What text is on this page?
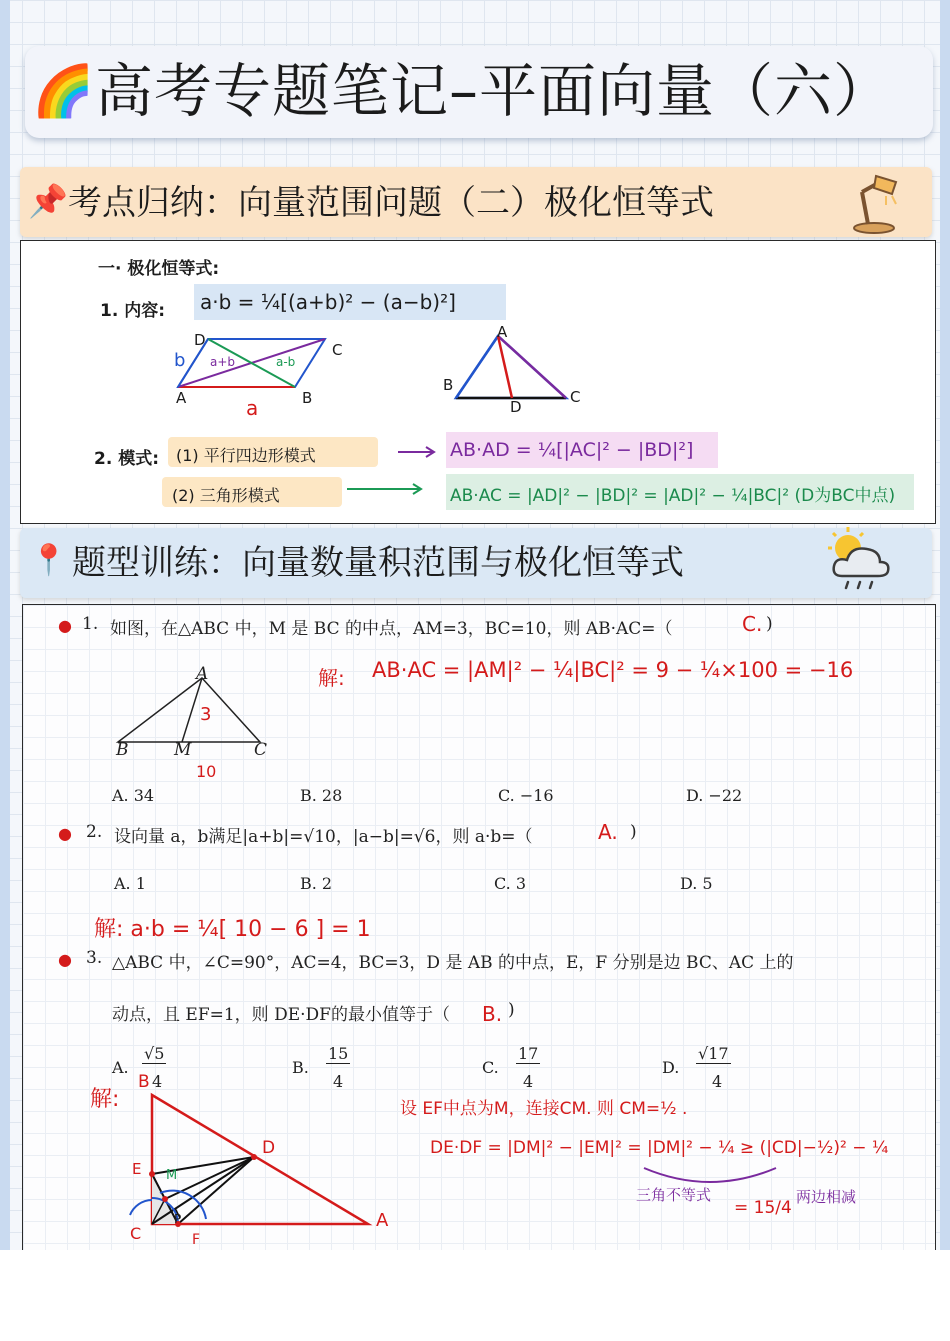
🌈 高考专题笔记–平面向量（六）
📌 考点归纳：向量范围问题（二）极化恒等式
一· 极化恒等式:
1. 内容: a·b = ¼[(a+b)² − (a−b)²]
D
C
A	B
b
a
a+b	a-b
A
B
C
D
2. 模式: (1) 平行四边形模式	AB·AD = ¼[|AC|² − |BD|²]
(2) 三角形模式	AB·AC = |AD|² − |BD|² = |AD|² − ¼|BC|² (D为BC中点)
📍 题型训练：向量数量积范围与极化恒等式
● 1. 如图，在△ABC 中，M 是 BC 的中点，AM=3，BC=10，则 AB·AC=（	C. )
A
B	M	C
3
10
解: AB·AC = |AM|² − ¼|BC|² = 9 − ¼×100 = −16
A. 34	B. 28	C. −16	D. −22
● 2. 设向量 a，b满足|a+b|=√10，|a−b|=√6，则 a·b=（	A. )
A. 1	B. 2	C. 3	D. 5
解: a·b = ¼[ 10 − 6 ] = 1
● 3. △ABC 中，∠C=90°，AC=4，BC=3，D 是 AB 的中点，E，F 分别是边 BC、AC 上的
动点，且 EF=1，则 DE·DF的最小值等于（ B. )
A.
√5
4
B.
15
4
C.
17
4
D.
√17
4
解:
B
D
E M
C
P
F
A
设 EF中点为M，连接CM. 则 CM=½ .
DE·DF = |DM|² − |EM|² = |DM|² − ¼ ≥ (|CD|−½)² − ¼
三角不等式
= 15/4
两边相减
